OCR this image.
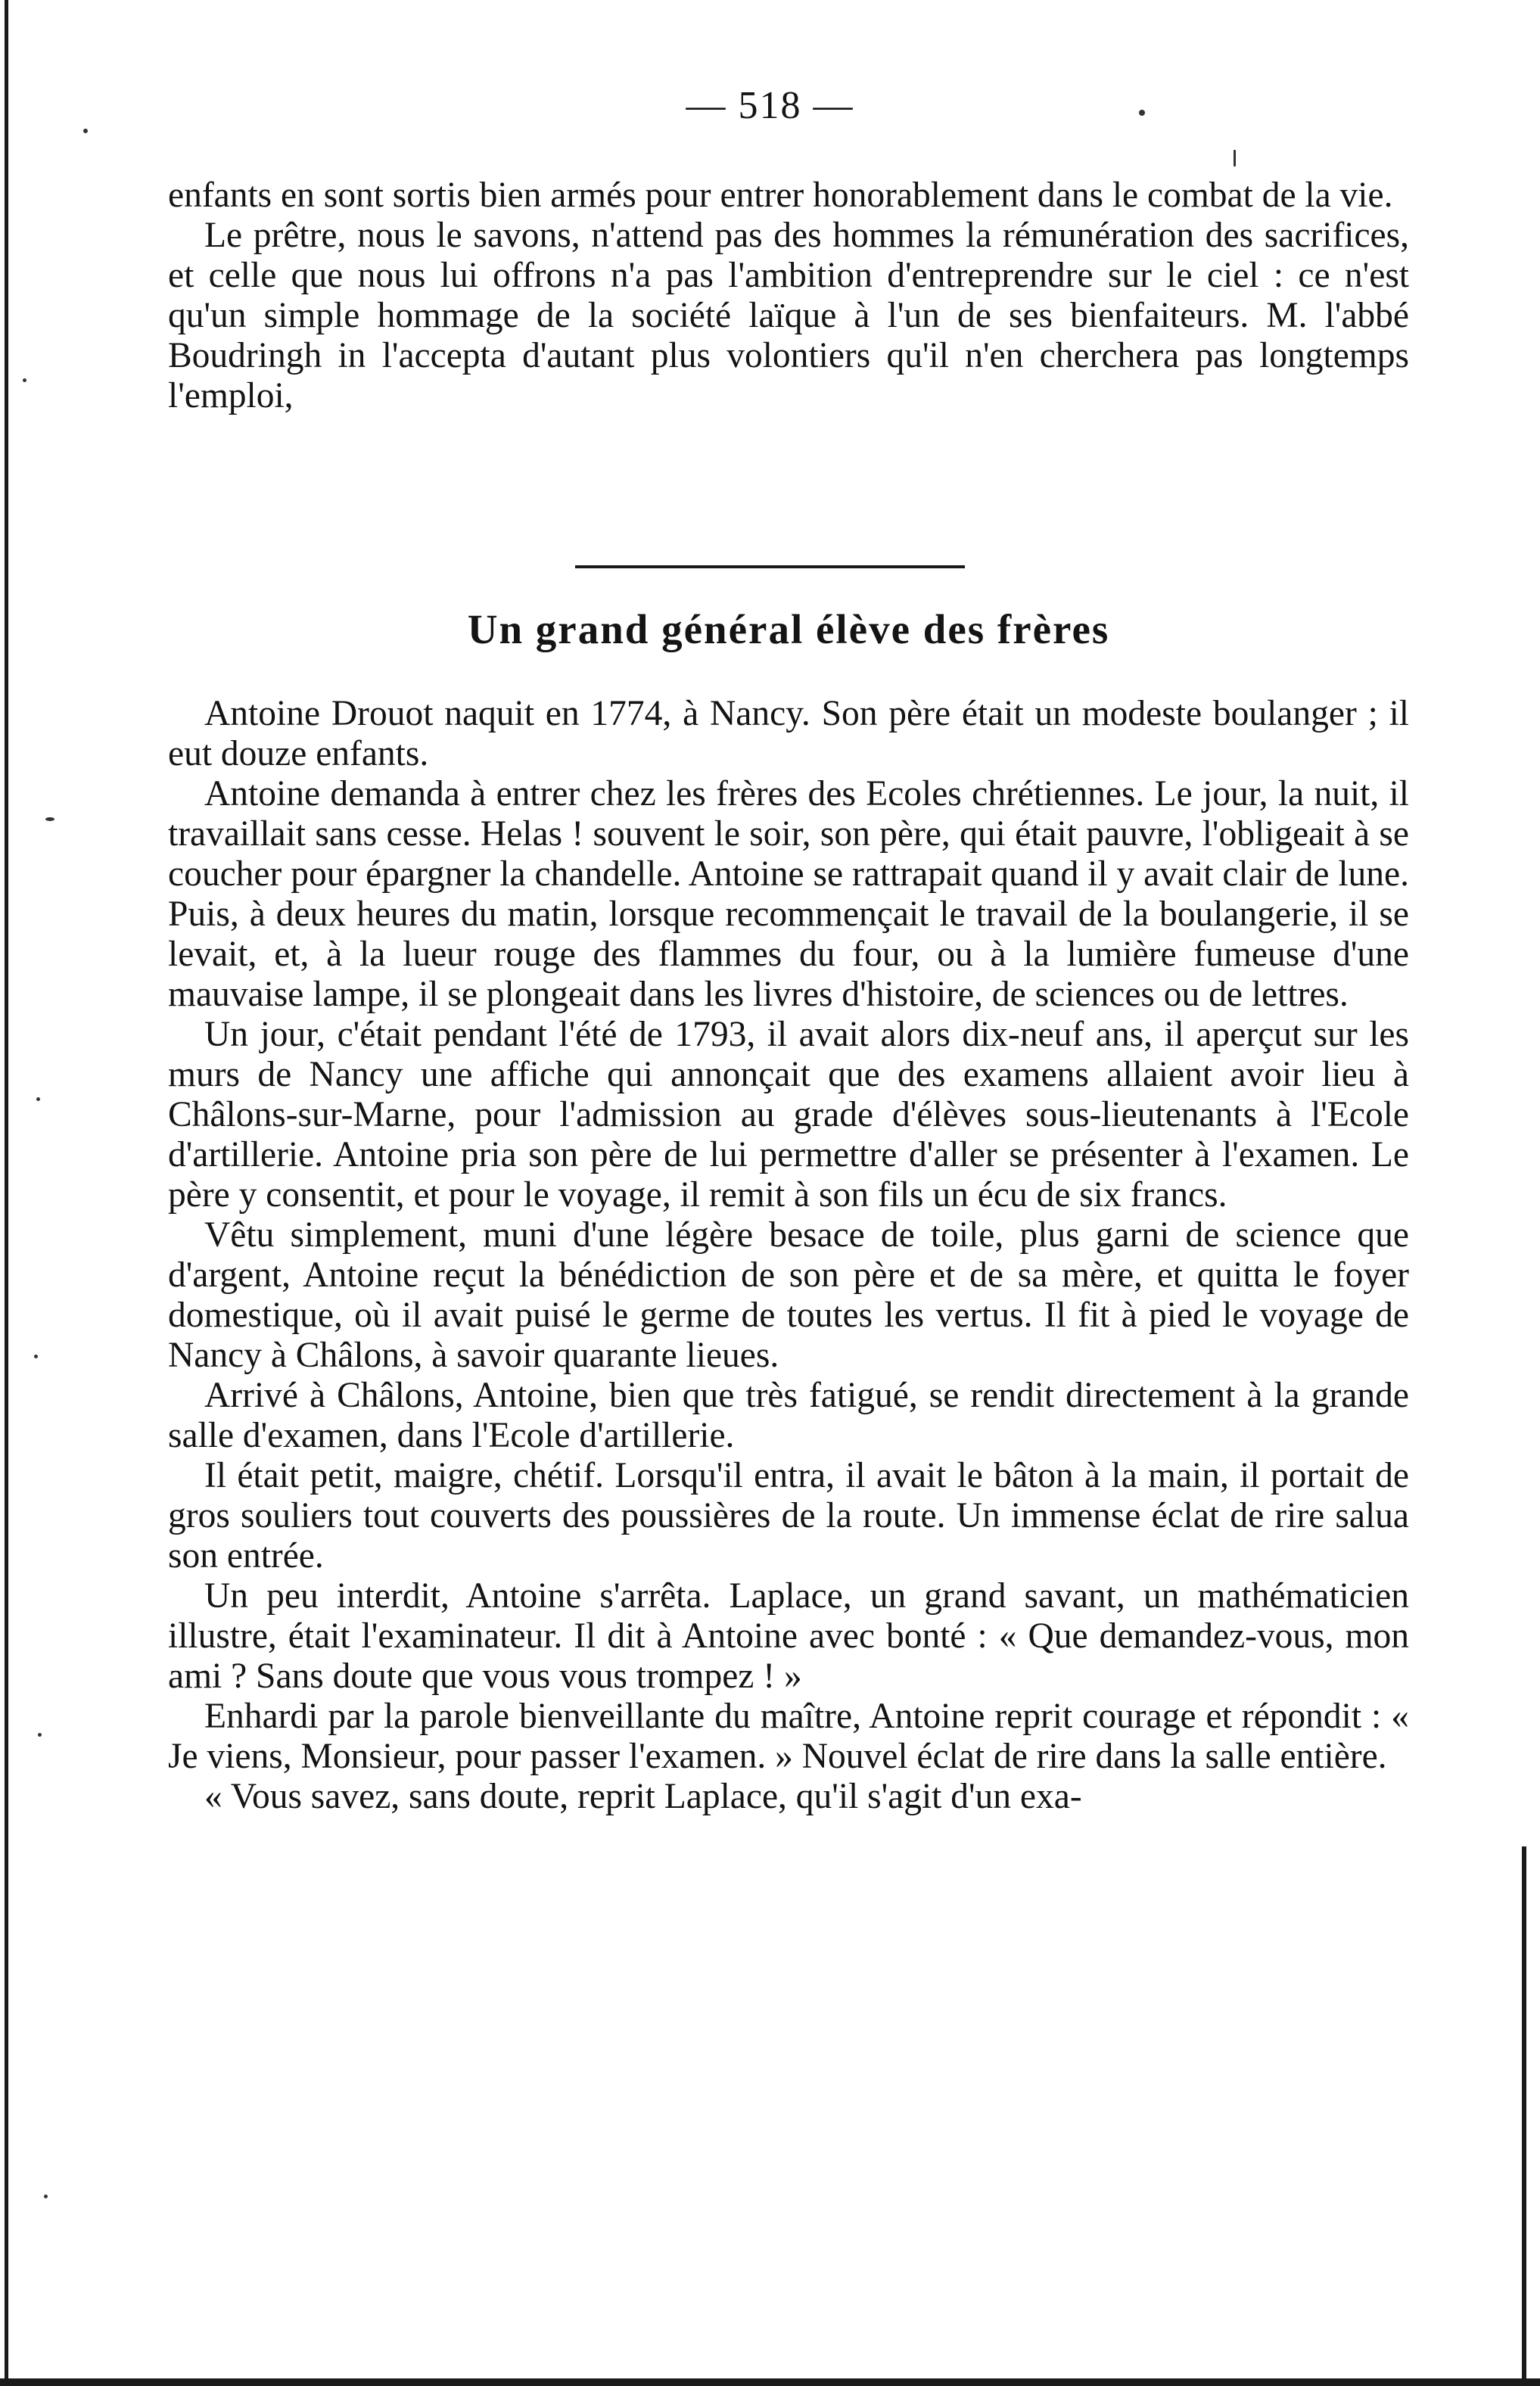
— 518 —

enfants en sont sortis bien armés pour entrer honorablement dans le combat de la vie.

Le prêtre, nous le savons, n'attend pas des hommes la rémunération des sacrifices, et celle que nous lui offrons n'a pas l'ambition d'entreprendre sur le ciel : ce n'est qu'un simple hommage de la société laïque à l'un de ses bienfaiteurs. M. l'abbé Boudringh in l'accepta d'autant plus volontiers qu'il n'en cherchera pas longtemps l'emploi,

Un grand général élève des frères

Antoine Drouot naquit en 1774, à Nancy. Son père était un modeste boulanger ; il eut douze enfants.

Antoine demanda à entrer chez les frères des Ecoles chrétiennes. Le jour, la nuit, il travaillait sans cesse. Helas ! souvent le soir, son père, qui était pauvre, l'obligeait à se coucher pour épargner la chandelle. Antoine se rattrapait quand il y avait clair de lune. Puis, à deux heures du matin, lorsque recommençait le travail de la boulangerie, il se levait, et, à la lueur rouge des flammes du four, ou à la lumière fumeuse d'une mauvaise lampe, il se plongeait dans les livres d'histoire, de sciences ou de lettres.

Un jour, c'était pendant l'été de 1793, il avait alors dix-neuf ans, il aperçut sur les murs de Nancy une affiche qui annonçait que des examens allaient avoir lieu à Châlons-sur-Marne, pour l'admission au grade d'élèves sous-lieutenants à l'Ecole d'artillerie. Antoine pria son père de lui permettre d'aller se présenter à l'examen. Le père y consentit, et pour le voyage, il remit à son fils un écu de six francs.

Vêtu simplement, muni d'une légère besace de toile, plus garni de science que d'argent, Antoine reçut la bénédiction de son père et de sa mère, et quitta le foyer domestique, où il avait puisé le germe de toutes les vertus. Il fit à pied le voyage de Nancy à Châlons, à savoir quarante lieues.

Arrivé à Châlons, Antoine, bien que très fatigué, se rendit directement à la grande salle d'examen, dans l'Ecole d'artillerie.

Il était petit, maigre, chétif. Lorsqu'il entra, il avait le bâton à la main, il portait de gros souliers tout couverts des poussières de la route. Un immense éclat de rire salua son entrée.

Un peu interdit, Antoine s'arrêta. Laplace, un grand savant, un mathématicien illustre, était l'examinateur. Il dit à Antoine avec bonté : « Que demandez-vous, mon ami ? Sans doute que vous vous trompez ! »

Enhardi par la parole bienveillante du maître, Antoine reprit courage et répondit : « Je viens, Monsieur, pour passer l'examen. » Nouvel éclat de rire dans la salle entière.

« Vous savez, sans doute, reprit Laplace, qu'il s'agit d'un exa-
